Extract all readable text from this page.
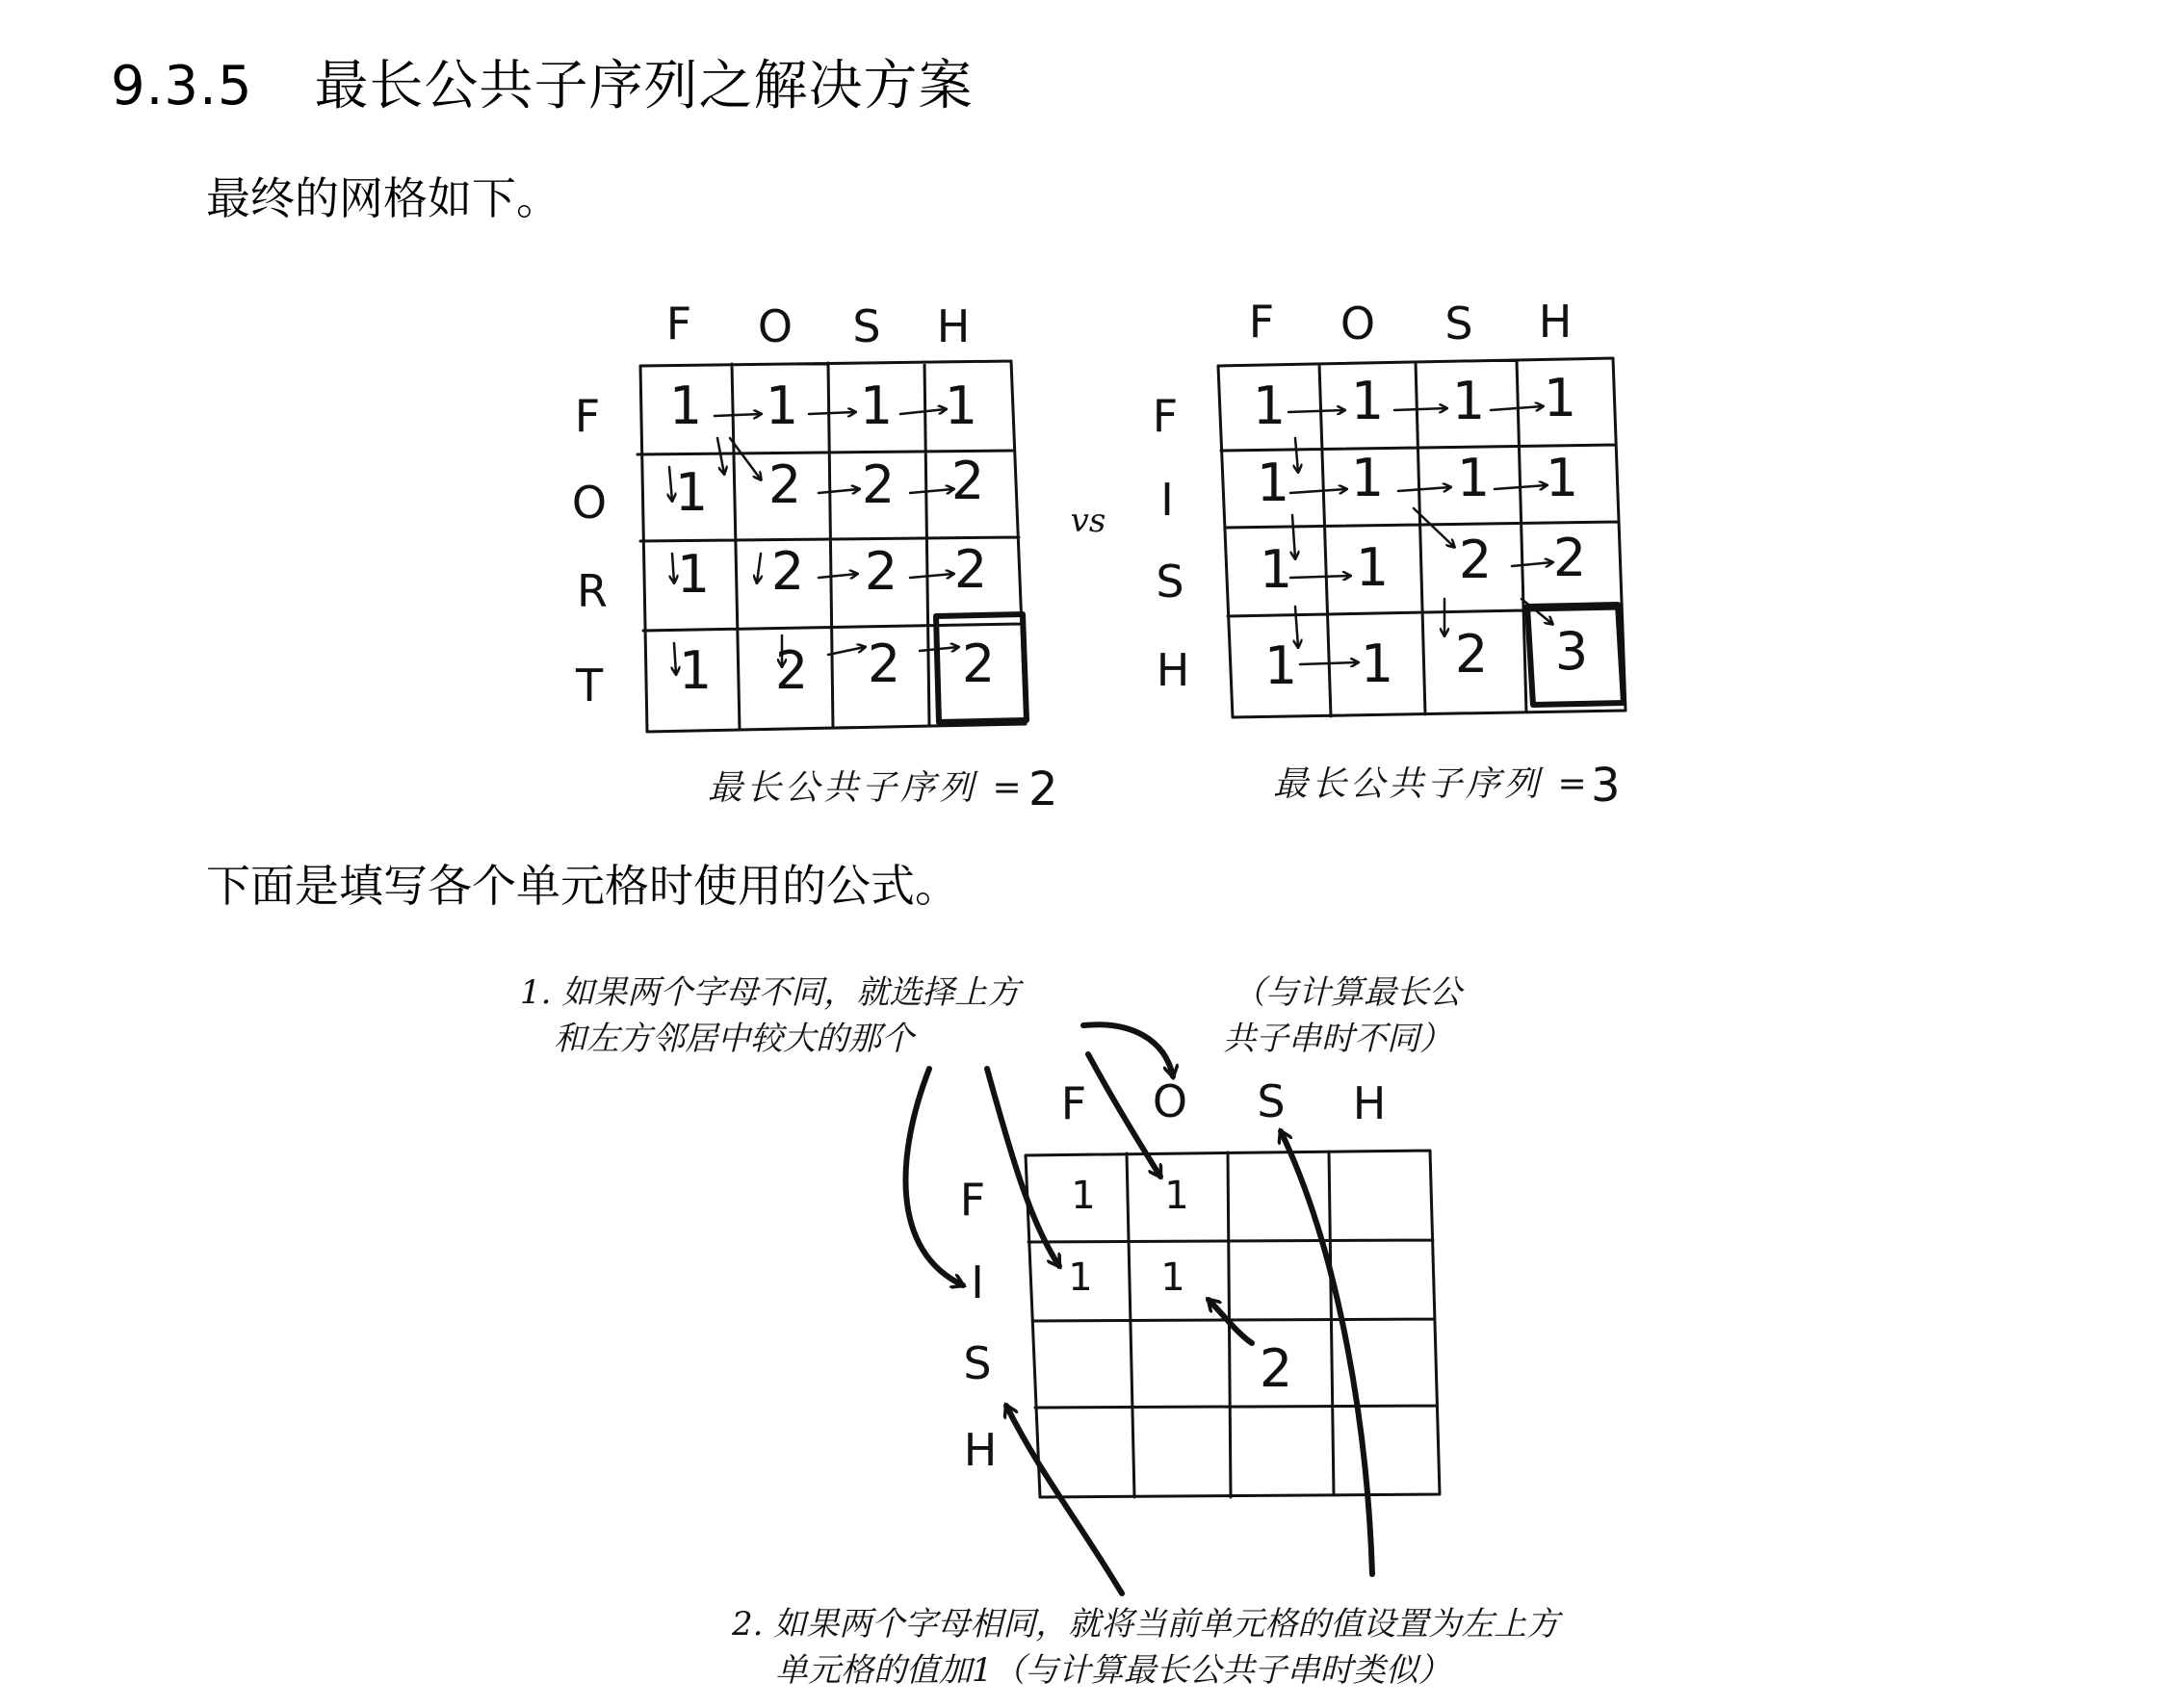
9.3.5 最长公共子序列之解决方案

最终的网格如下。

F O S H
F
O
R
T
1 1 1 1
1 2 2 2
1 2 2 2
1 2 2 2
vs
F O S H
F
I
S
H
1 1 1 1
1 1 1 1
1 1 2 2
1 1 2 3
最长公共子序列 = 2	最长公共子序列 = 3

下面是填写各个单元格时使用的公式。

1. 如果两个字母不同，就选择上方
和左方邻居中较大的那个
（与计算最长公
共子串时不同）
2. 如果两个字母相同，就将当前单元格的值设置为左上方
单元格的值加1（与计算最长公共子串时类似）
F O S H
F
I
S
H
1 1
1 1
2
